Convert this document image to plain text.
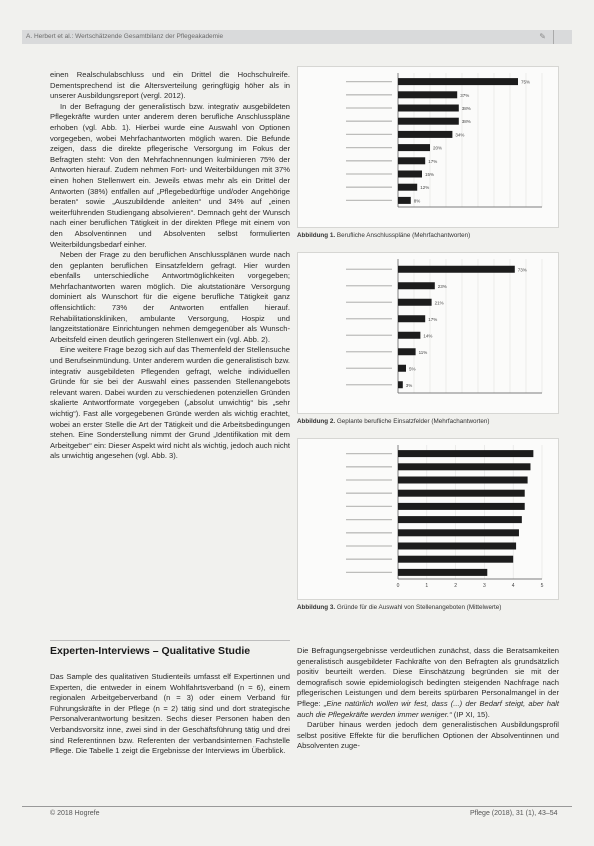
A. Herbert et al.: Wertschätzende Gesamtbilanz der Pflegeakademie	✎

einen Realschulabschluss und ein Drittel die Hochschulreife. Dementsprechend ist die Altersverteilung geringfügig höher als in unserer Ausbildungsreport (vergl. 2012).

In der Befragung der generalistisch bzw. integrativ ausgebildeten Pflegekräfte wurden unter anderem deren berufliche Anschlusspläne erhoben (vgl. Abb. 1). Hierbei wurde eine Auswahl von Optionen vorgegeben, wobei Mehrfachantworten möglich waren. Die Befunde zeigen, dass die direkte pflegerische Versorgung im Fokus der Befragten steht: Von den Mehrfachnennungen kulminieren 75% der Antworten hierauf. Zudem nehmen Fort- und Weiterbildungen mit 37% einen hohen Stellenwert ein. Jeweils etwas mehr als ein Drittel der Antworten (38%) entfallen auf „Pflegebedürftige und/oder Angehörige beraten“ sowie „Auszubildende anleiten“ und 34% auf „einen weiterführenden Studiengang absolvieren“. Demnach geht der Wunsch nach einer beruflichen Tätigkeit in der direkten Pflege mit einem von den Absolventinnen und Absolventen selbst formulierten Weiterbildungsbedarf einher.

Neben der Frage zu den beruflichen Anschlussplänen wurde nach den geplanten beruflichen Einsatzfeldern gefragt. Hier wurden ebenfalls unterschiedliche Antwortmöglichkeiten vorgegeben; Mehrfachantworten waren möglich. Die akutstationäre Versorgung dominiert als Wunschort für die eigene berufliche Tätigkeit ganz offensichtlich: 73% der Antworten entfallen hierauf. Rehabilitationskliniken, ambulante Versorgung, Hospiz und langzeitstationäre Einrichtungen nehmen demgegenüber als Wunsch-Arbeitsfeld einen deutlich geringeren Stellenwert ein (vgl. Abb. 2).

Eine weitere Frage bezog sich auf das Themenfeld der Stellensuche und Berufseinmündung. Unter anderem wurden die generalistisch bzw. integrativ ausgebildeten Pflegenden gefragt, welche individuellen Gründe für sie bei der Auswahl eines passenden Stellenangebots relevant waren. Dabei wurden zu verschiedenen potenziellen Gründen skalierte Antwortformate vorgegeben („absolut unwichtig“ bis „sehr wichtig“). Fast alle vorgegebenen Gründe werden als wichtig erachtet, wobei an erster Stelle die Art der Tätigkeit und die Arbeitsbedingungen stehen. Eine Sonderstellung nimmt der Grund „Identifikation mit dem Arbeitgeber“ ein: Dieser Aspekt wird nicht als wichtig, jedoch auch nicht als unwichtig angesehen (vgl. Abb. 3).

75%
37%
38%
38%
34%
20%
17%
15%
12%
8%
Abbildung 1. Berufliche Anschlusspläne (Mehrfachantworten)
73%
23%
21%
17%
14%
11%
5%
3%
Abbildung 2. Geplante berufliche Einsatzfelder (Mehrfachantworten)
0	1	2	3	4	5
Abbildung 3. Gründe für die Auswahl von Stellenangeboten (Mittelwerte)
Experten-Interviews – Qualitative Studie

Das Sample des qualitativen Studienteils umfasst elf Expertinnen und Experten, die entweder in einem Wohlfahrtsverband (n = 6), einem regionalen Arbeitgeberverband (n = 3) oder einem Verband für Führungskräfte in der Pflege (n = 2) tätig sind und dort strategische Personalverantwortung besitzen. Sechs dieser Personen haben den Verbandsvorsitz inne, zwei sind in der Geschäftsführung tätig und drei sind Referentinnen bzw. Referenten der verbandsinternen Fachstelle Pflege. Die Tabelle 1 zeigt die Ergebnisse der Interviews im Überblick.

Die Befragungsergebnisse verdeutlichen zunächst, dass die Beratsamkeiten generalistisch ausgebildeter Fachkräfte von den Befragten als grundsätzlich positiv beurteilt werden. Diese Einschätzung begründen sie mit der demografisch sowie epidemiologisch bedingten steigenden Nachfrage nach pflegerischen Leistungen und dem bereits spürbaren Personalmangel in der Pflege: „Eine natürlich wollen wir fest, dass (...) der Bedarf steigt, aber halt auch die Pflegekräfte werden immer weniger.“ (IP XI, 15).

Darüber hinaus werden jedoch dem generalistischen Ausbildungsprofil selbst positive Effekte für die beruflichen Optionen der Absolventinnen und Absolventen zuge-

© 2018 Hogrefe	Pflege (2018), 31 (1), 43–54
